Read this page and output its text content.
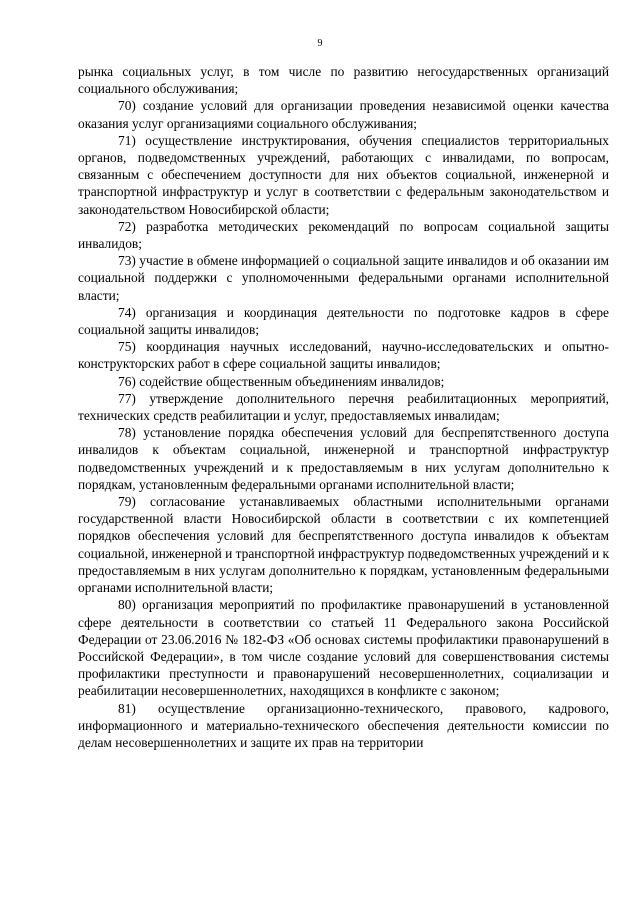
9

рынка социальных услуг, в том числе по развитию негосударственных организаций социального обслуживания;

70) создание условий для организации проведения независимой оценки качества оказания услуг организациями социального обслуживания;

71) осуществление инструктирования, обучения специалистов территориальных органов, подведомственных учреждений, работающих с инвалидами, по вопросам, связанным с обеспечением доступности для них объектов социальной, инженерной и транспортной инфраструктур и услуг в соответствии с федеральным законодательством и законодательством Новосибирской области;

72) разработка методических рекомендаций по вопросам социальной защиты инвалидов;

73) участие в обмене информацией о социальной защите инвалидов и об оказании им социальной поддержки с уполномоченными федеральными органами исполнительной власти;

74) организация и координация деятельности по подготовке кадров в сфере социальной защиты инвалидов;

75) координация научных исследований, научно-исследовательских и опытно-конструкторских работ в сфере социальной защиты инвалидов;

76) содействие общественным объединениям инвалидов;

77) утверждение дополнительного перечня реабилитационных мероприятий, технических средств реабилитации и услуг, предоставляемых инвалидам;

78) установление порядка обеспечения условий для беспрепятственного доступа инвалидов к объектам социальной, инженерной и транспортной инфраструктур подведомственных учреждений и к предоставляемым в них услугам дополнительно к порядкам, установленным федеральными органами исполнительной власти;

79) согласование устанавливаемых областными исполнительными органами государственной власти Новосибирской области в соответствии с их компетенцией порядков обеспечения условий для беспрепятственного доступа инвалидов к объектам социальной, инженерной и транспортной инфраструктур подведомственных учреждений и к предоставляемым в них услугам дополнительно к порядкам, установленным федеральными органами исполнительной власти;

80) организация мероприятий по профилактике правонарушений в установленной сфере деятельности в соответствии со статьей 11 Федерального закона Российской Федерации от 23.06.2016 № 182-ФЗ «Об основах системы профилактики правонарушений в Российской Федерации», в том числе создание условий для совершенствования системы профилактики преступности и правонарушений несовершеннолетних, социализации и реабилитации несовершеннолетних, находящихся в конфликте с законом;

81) осуществление организационно-технического, правового, кадрового, информационного и материально-технического обеспечения деятельности комиссии по делам несовершеннолетних и защите их прав на территории
